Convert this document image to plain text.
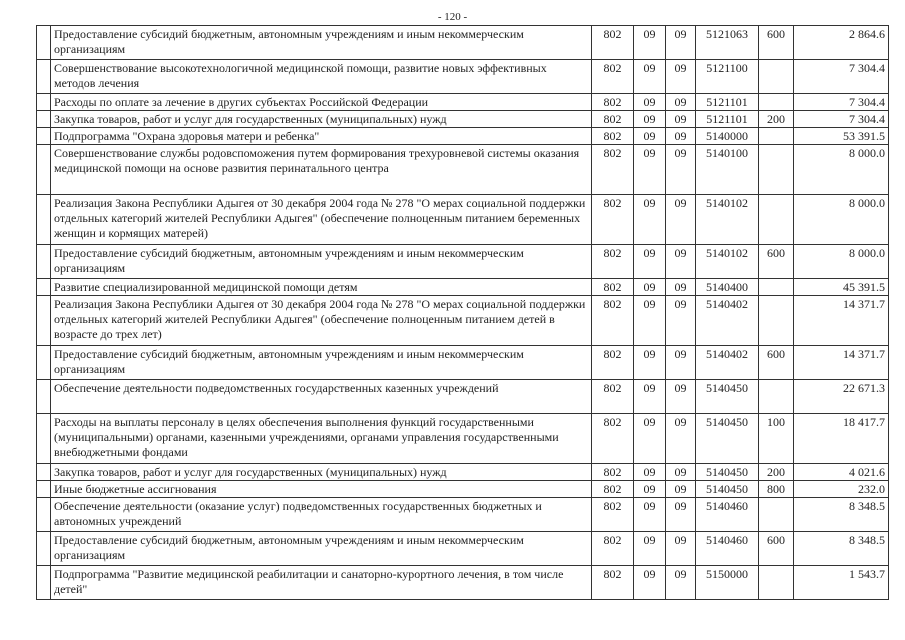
- 120 -
	Предоставление субсидий бюджетным, автономным учреждениям и иным некоммерческим организациям	802	09	09	5121063	600	2 864.6
	Совершенствование высокотехнологичной медицинской помощи, развитие новых эффективных методов лечения	802	09	09	5121100		7 304.4
	Расходы по оплате за лечение в других субъектах Российской Федерации	802	09	09	5121101		7 304.4
	Закупка товаров, работ и услуг для государственных (муниципальных) нужд	802	09	09	5121101	200	7 304.4
	Подпрограмма "Охрана здоровья матери и ребенка"	802	09	09	5140000		53 391.5
	Совершенствование службы родовспоможения путем формирования трехуровневой системы оказания медицинской помощи на основе развития перинатального центра	802	09	09	5140100		8 000.0
	Реализация Закона Республики Адыгея от 30 декабря 2004 года № 278 "О мерах социальной поддержки отдельных категорий жителей Республики Адыгея" (обеспечение полноценным питанием беременных женщин и кормящих матерей)	802	09	09	5140102		8 000.0
	Предоставление субсидий бюджетным, автономным учреждениям и иным некоммерческим организациям	802	09	09	5140102	600	8 000.0
	Развитие специализированной медицинской помощи детям	802	09	09	5140400		45 391.5
	Реализация Закона Республики Адыгея от 30 декабря 2004 года № 278 "О мерах социальной поддержки отдельных категорий жителей Республики Адыгея" (обеспечение полноценным питанием детей в возрасте до трех лет)	802	09	09	5140402		14 371.7
	Предоставление субсидий бюджетным, автономным учреждениям и иным некоммерческим организациям	802	09	09	5140402	600	14 371.7
	Обеспечение деятельности подведомственных государственных казенных учреждений	802	09	09	5140450		22 671.3
	Расходы на выплаты персоналу в целях обеспечения выполнения функций государственными (муниципальными) органами, казенными учреждениями, органами управления государственными внебюджетными фондами	802	09	09	5140450	100	18 417.7
	Закупка товаров, работ и услуг для государственных (муниципальных) нужд	802	09	09	5140450	200	4 021.6
	Иные бюджетные ассигнования	802	09	09	5140450	800	232.0
	Обеспечение деятельности (оказание услуг) подведомственных государственных бюджетных и автономных учреждений	802	09	09	5140460		8 348.5
	Предоставление субсидий бюджетным, автономным учреждениям и иным некоммерческим организациям	802	09	09	5140460	600	8 348.5
	Подпрограмма "Развитие медицинской реабилитации и санаторно-курортного лечения, в том числе детей"	802	09	09	5150000		1 543.7
